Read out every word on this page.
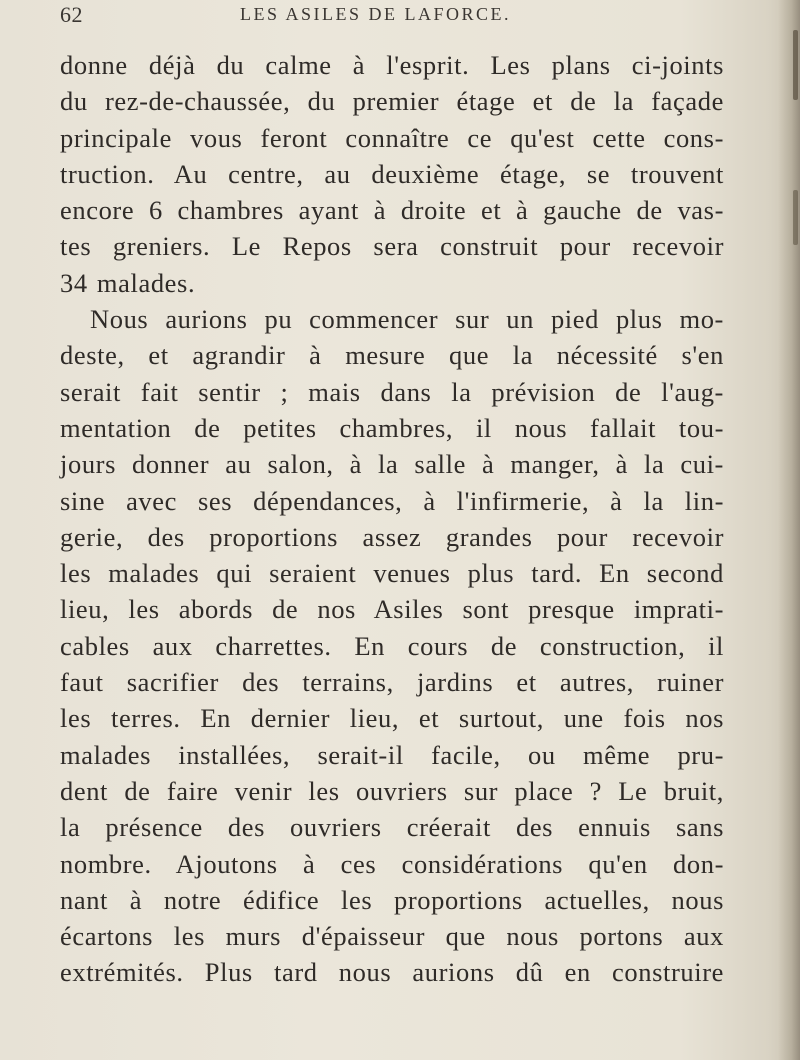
62	LES ASILES DE LAFORCE.
donne déjà du calme à l'esprit. Les plans ci-joints
du rez-de-chaussée, du premier étage et de la façade
principale vous feront connaître ce qu'est cette cons-
truction. Au centre, au deuxième étage, se trouvent
encore 6 chambres ayant à droite et à gauche de vas-
tes greniers. Le Repos sera construit pour recevoir
34 malades.
Nous aurions pu commencer sur un pied plus mo-
deste, et agrandir à mesure que la nécessité s'en
serait fait sentir ; mais dans la prévision de l'aug-
mentation de petites chambres, il nous fallait tou-
jours donner au salon, à la salle à manger, à la cui-
sine avec ses dépendances, à l'infirmerie, à la lin-
gerie, des proportions assez grandes pour recevoir
les malades qui seraient venues plus tard. En second
lieu, les abords de nos Asiles sont presque imprati-
cables aux charrettes. En cours de construction, il
faut sacrifier des terrains, jardins et autres, ruiner
les terres. En dernier lieu, et surtout, une fois nos
malades installées, serait-il facile, ou même pru-
dent de faire venir les ouvriers sur place ? Le bruit,
la présence des ouvriers créerait des ennuis sans
nombre. Ajoutons à ces considérations qu'en don-
nant à notre édifice les proportions actuelles, nous
écartons les murs d'épaisseur que nous portons aux
extrémités. Plus tard nous aurions dû en construire
